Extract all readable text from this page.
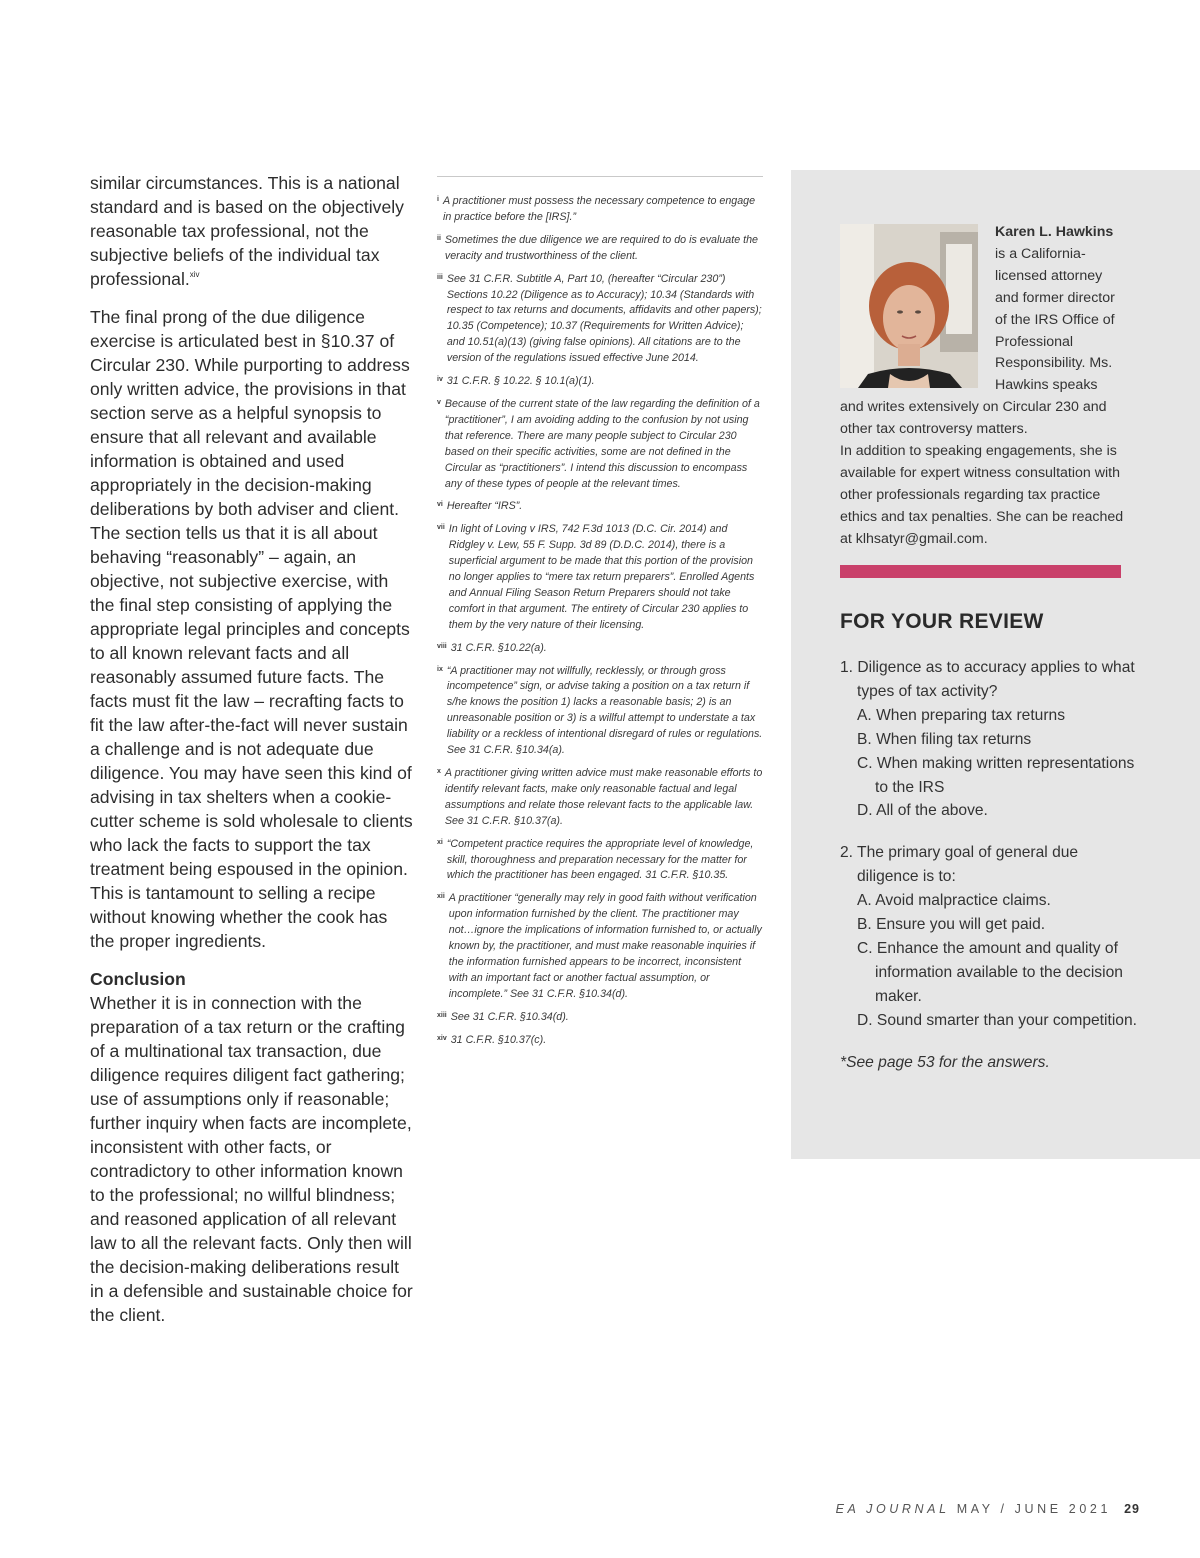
similar circumstances. This is a national standard and is based on the objectively reasonable tax professional, not the subjective beliefs of the individual tax professional.$^{xiv}$

The final prong of the due diligence exercise is articulated best in §10.37 of Circular 230. While purporting to address only written advice, the provisions in that section serve as a helpful synopsis to ensure that all relevant and available information is obtained and used appropriately in the decision-making deliberations by both adviser and client. The section tells us that it is all about behaving “reasonably” – again, an objective, not subjective exercise, with the final step consisting of applying the appropriate legal principles and concepts to all known relevant facts and all reasonably assumed future facts. The facts must fit the law – recrafting facts to fit the law after-the-fact will never sustain a challenge and is not adequate due diligence. You may have seen this kind of advising in tax shelters when a cookie-cutter scheme is sold wholesale to clients who lack the facts to support the tax treatment being espoused in the opinion. This is tantamount to selling a recipe without knowing whether the cook has the proper ingredients.

Conclusion

Whether it is in connection with the preparation of a tax return or the crafting of a multinational tax transaction, due diligence requires diligent fact gathering; use of assumptions only if reasonable; further inquiry when facts are incomplete, inconsistent with other facts, or contradictory to other information known to the professional; no willful blindness; and reasoned application of all relevant law to all the relevant facts. Only then will the decision-making deliberations result in a defensible and sustainable choice for the client.

i A practitioner must possess the necessary competence to engage in practice before the [IRS].”
ii Sometimes the due diligence we are required to do is evaluate the veracity and trustworthiness of the client.
iii See 31 C.F.R. Subtitle A, Part 10, (hereafter “Circular 230”) Sections 10.22 (Diligence as to Accuracy); 10.34 (Standards with respect to tax returns and documents, affidavits and other papers); 10.35 (Competence); 10.37 (Requirements for Written Advice); and 10.51(a)(13) (giving false opinions). All citations are to the version of the regulations issued effective June 2014.
iv 31 C.F.R. § 10.22. § 10.1(a)(1).
v Because of the current state of the law regarding the definition of a “practitioner”, I am avoiding adding to the confusion by not using that reference. There are many people subject to Circular 230 based on their specific activities, some are not defined in the Circular as “practitioners”. I intend this discussion to encompass any of these types of people at the relevant times.
vi Hereafter “IRS”.
vii In light of Loving v IRS, 742 F.3d 1013 (D.C. Cir. 2014) and Ridgley v. Lew, 55 F. Supp. 3d 89 (D.D.C. 2014), there is a superficial argument to be made that this portion of the provision no longer applies to “mere tax return preparers”. Enrolled Agents and Annual Filing Season Return Preparers should not take comfort in that argument. The entirety of Circular 230 applies to them by the very nature of their licensing.
viii 31 C.F.R. §10.22(a).
ix “A practitioner may not willfully, recklessly, or through gross incompetence” sign, or advise taking a position on a tax return if s/he knows the position 1) lacks a reasonable basis; 2) is an unreasonable position or 3) is a willful attempt to understate a tax liability or a reckless of intentional disregard of rules or regulations. See 31 C.F.R. §10.34(a).
x A practitioner giving written advice must make reasonable efforts to identify relevant facts, make only reasonable factual and legal assumptions and relate those relevant facts to the applicable law. See 31 C.F.R. §10.37(a).
xi “Competent practice requires the appropriate level of knowledge, skill, thoroughness and preparation necessary for the matter for which the practitioner has been engaged. 31 C.F.R. §10.35.
xii A practitioner “generally may rely in good faith without verification upon information furnished by the client. The practitioner may not…ignore the implications of information furnished to, or actually known by, the practitioner, and must make reasonable inquiries if the information furnished appears to be incorrect, inconsistent with an important fact or another factual assumption, or incomplete.” See 31 C.F.R. §10.34(d).
xiii See 31 C.F.R. §10.34(d).
xiv 31 C.F.R. §10.37(c).
Karen L. Hawkins is a California-licensed attorney and former director of the IRS Office of Professional Responsibility. Ms. Hawkins speaks and writes extensively on Circular 230 and other tax controversy matters.
In addition to speaking engagements, she is available for expert witness consultation with other professionals regarding tax practice ethics and tax penalties. She can be reached at klhsatyr@gmail.com.
FOR YOUR REVIEW
1. Diligence as to accuracy applies to what types of tax activity?
A. When preparing tax returns
B. When filing tax returns
C. When making written representations to the IRS
D. All of the above.
2. The primary goal of general due diligence is to:
A. Avoid malpractice claims.
B. Ensure you will get paid.
C. Enhance the amount and quality of information available to the decision maker.
D. Sound smarter than your competition.
*See page 53 for the answers.
EA JOURNAL MAY / JUNE 2021 29
